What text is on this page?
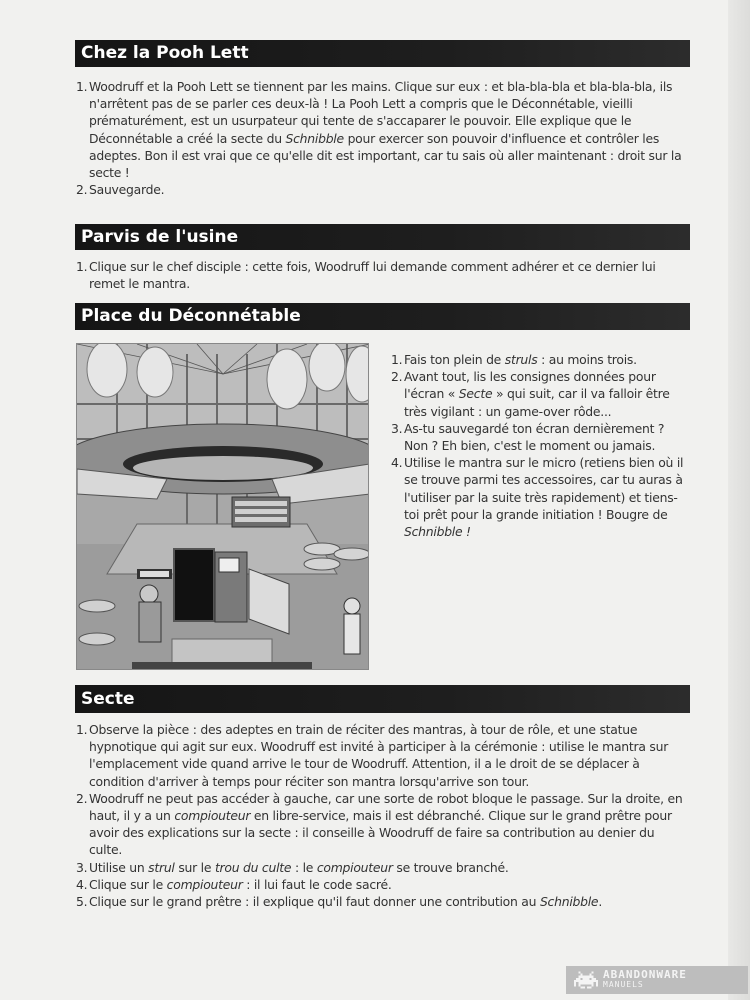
Chez la Pooh Lett
1. Woodruff et la Pooh Lett se tiennent par les mains. Clique sur eux : et bla-bla-bla et bla-bla-bla, ils n'arrêtent pas de se parler ces deux-là ! La Pooh Lett a compris que le Déconnétable, vieilli prématurément, est un usurpateur qui tente de s'accaparer le pouvoir. Elle explique que le Déconnétable a créé la secte du Schnibble pour exercer son pouvoir d'influence et contrôler les adeptes. Bon il est vrai que ce qu'elle dit est important, car tu sais où aller maintenant : droit sur la secte !
2. Sauvegarde.
Parvis de l'usine
1. Clique sur le chef disciple : cette fois, Woodruff lui demande comment adhérer et ce dernier lui remet le mantra.
Place du Déconnétable
1. Fais ton plein de struls : au moins trois.
2. Avant tout, lis les consignes données pour l'écran « Secte » qui suit, car il va falloir être très vigilant : un game-over rôde...
3. As-tu sauvegardé ton écran dernièrement ? Non ? Eh bien, c'est le moment ou jamais.
4. Utilise le mantra sur le micro (retiens bien où il se trouve parmi tes accessoires, car tu auras à l'utiliser par la suite très rapidement) et tiens-toi prêt pour la grande initiation ! Bougre de Schnibble !
Secte
1. Observe la pièce : des adeptes en train de réciter des mantras, à tour de rôle, et une statue hypnotique qui agit sur eux. Woodruff est invité à participer à la cérémonie : utilise le mantra sur l'emplacement vide quand arrive le tour de Woodruff. Attention, il a le droit de se déplacer à condition d'arriver à temps pour réciter son mantra lorsqu'arrive son tour.
2. Woodruff ne peut pas accéder à gauche, car une sorte de robot bloque le passage. Sur la droite, en haut, il y a un compiouteur en libre-service, mais il est débranché. Clique sur le grand prêtre pour avoir des explications sur la secte : il conseille à Woodruff de faire sa contribution au denier du culte.
3. Utilise un strul sur le trou du culte : le compiouteur se trouve branché.
4. Clique sur le compiouteur : il lui faut le code sacré.
5. Clique sur le grand prêtre : il explique qu'il faut donner une contribution au Schnibble.
ABANDONWARE
MANUELS
